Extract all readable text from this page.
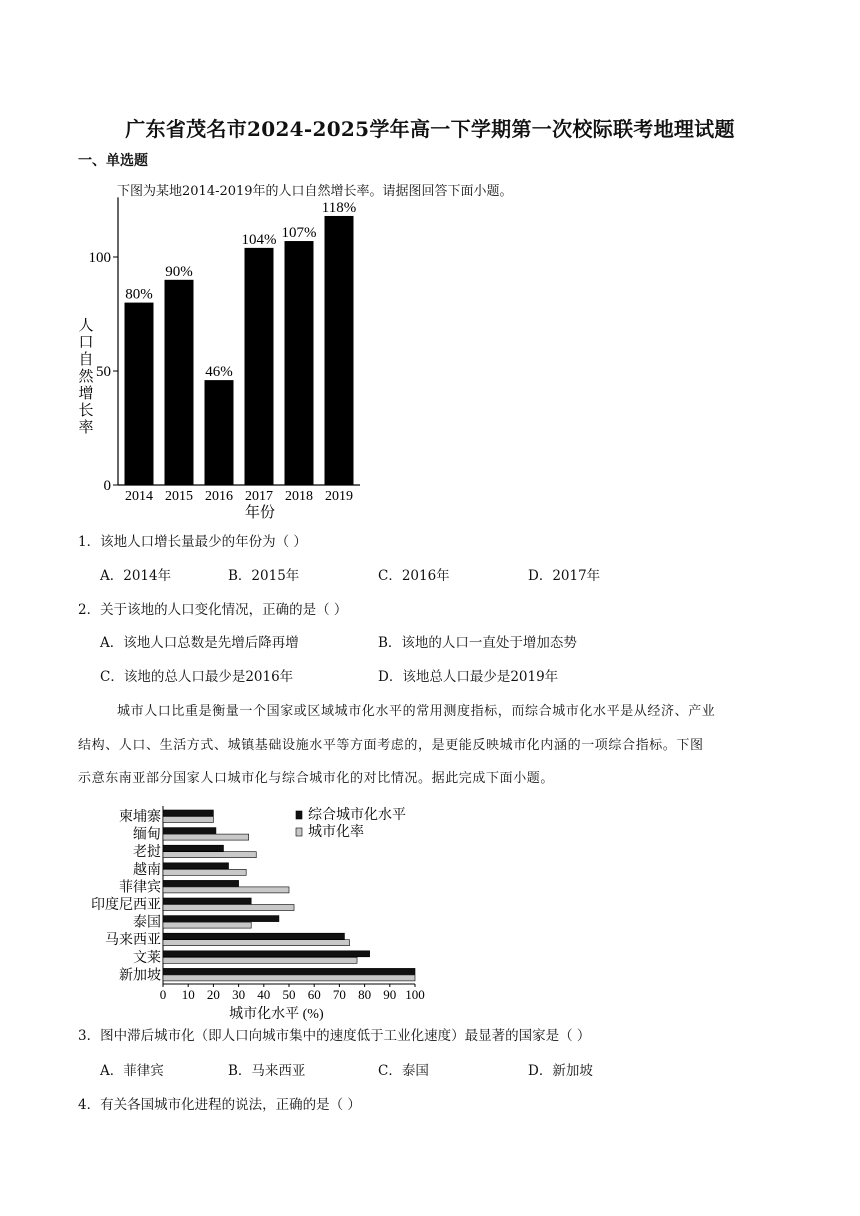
广东省茂名市2024-2025学年高一下学期第一次校际联考地理试题
一、单选题
下图为某地2014-2019年的人口自然增长率。请据图回答下面小题。
0
50
100
80%
2014
90%
2015
46%
2016
104%
2017
107%
2018
118%
2019
人口自然增长率
年份
1．该地人口增长量最少的年份为（ ）
A．2014年	B．2015年	C．2016年	D．2017年
2．关于该地的人口变化情况，正确的是（ ）
A．该地人口总数是先增后降再增	B．该地的人口一直处于增加态势
C．该地的总人口最少是2016年	D．该地总人口最少是2019年
城市人口比重是衡量一个国家或区域城市化水平的常用测度指标，而综合城市化水平是从经济、产业
结构、人口、生活方式、城镇基础设施水平等方面考虑的，是更能反映城市化内涵的一项综合指标。下图
示意东南亚部分国家人口城市化与综合城市化的对比情况。据此完成下面小题。
0 10 20 30 40 50 60 70 80 90 100
城市化水平 (%)
柬埔寨
缅甸
老挝
越南
菲律宾
印度尼西亚
泰国
马来西亚
文莱
新加坡
综合城市化水平
城市化率
3．图中滞后城市化（即人口向城市集中的速度低于工业化速度）最显著的国家是（ ）
A．菲律宾	B．马来西亚	C．泰国	D．新加坡
4．有关各国城市化进程的说法，正确的是（ ）
